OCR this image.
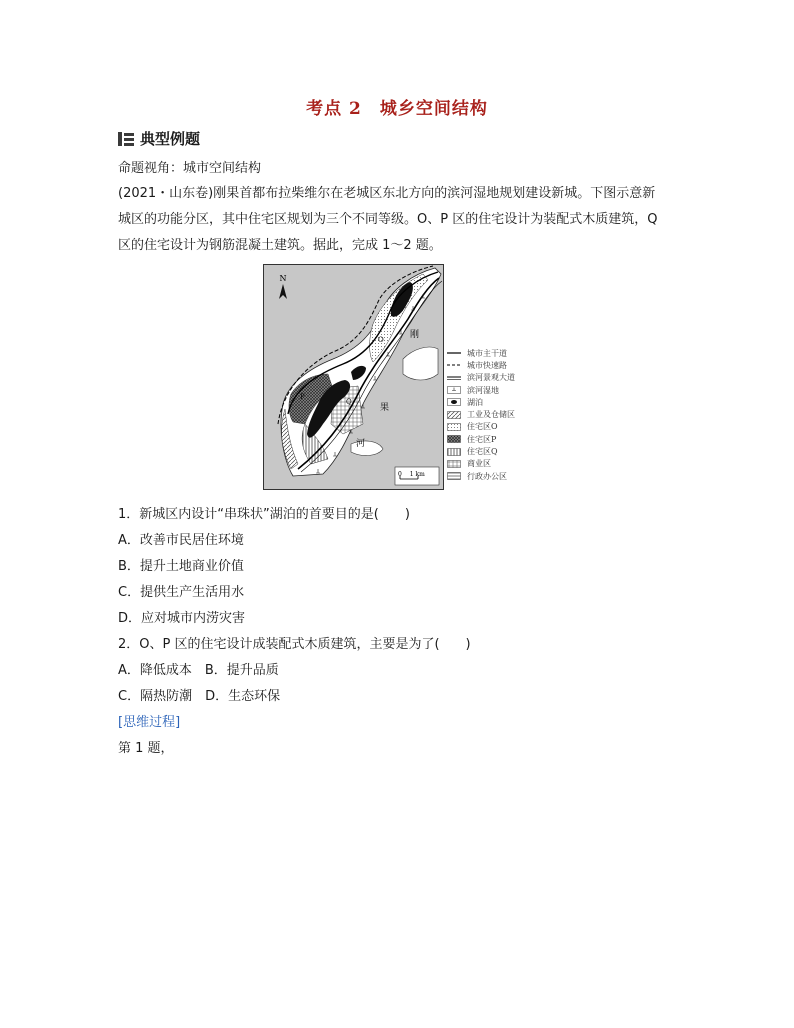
考点 2　城乡空间结构
典型例题
命题视角：城市空间结构
(2021・山东卷)刚果首都布拉柴维尔在老城区东北方向的滨河湿地规划建设新城。下图示意新
城区的功能分区，其中住宅区规划为三个不同等级。O、P 区的住宅设计为装配式木质建筑，Q
区的住宅设计为钢筋混凝土建筑。据此，完成 1～2 题。
N
刚
果
河
O
P
Q
0　 1 km
城市主干道
城市快速路
滨河景观大道
滨河湿地
湖泊
工业及仓储区
住宅区O
住宅区P
住宅区Q
商业区
行政办公区
1．新城区内设计“串珠状”湖泊的首要目的是(　　)
A．改善市民居住环境
B．提升土地商业价值
C．提供生产生活用水
D．应对城市内涝灾害
2．O、P 区的住宅设计成装配式木质建筑，主要是为了(　　)
A．降低成本　B．提升品质
C．隔热防潮　D．生态环保
[思维过程]
第 1 题，
